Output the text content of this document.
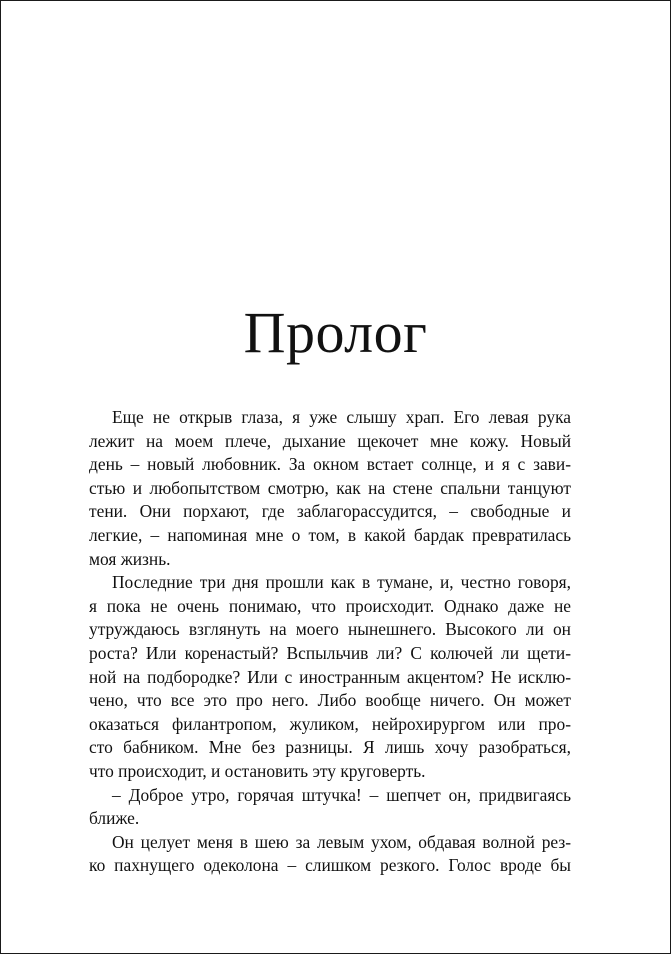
Пролог
Еще не открыв глаза, я уже слышу храп. Его левая рука
лежит на моем плече, дыхание щекочет мне кожу. Новый
день – новый любовник. За окном встает солнце, и я с зави-
стью и любопытством смотрю, как на стене спальни танцуют
тени. Они порхают, где заблагорассудится, – свободные и
легкие, – напоминая мне о том, в какой бардак превратилась
моя жизнь.
Последние три дня прошли как в тумане, и, честно говоря,
я пока не очень понимаю, что происходит. Однако даже не
утруждаюсь взглянуть на моего нынешнего. Высокого ли он
роста? Или коренастый? Вспыльчив ли? С колючей ли щети-
ной на подбородке? Или с иностранным акцентом? Не исклю-
чено, что все это про него. Либо вообще ничего. Он может
оказаться филантропом, жуликом, нейрохирургом или про-
сто бабником. Мне без разницы. Я лишь хочу разобраться,
что происходит, и остановить эту круговерть.
– Доброе утро, горячая штучка! – шепчет он, придвигаясь
ближе.
Он целует меня в шею за левым ухом, обдавая волной рез-
ко пахнущего одеколона – слишком резкого. Голос вроде бы
